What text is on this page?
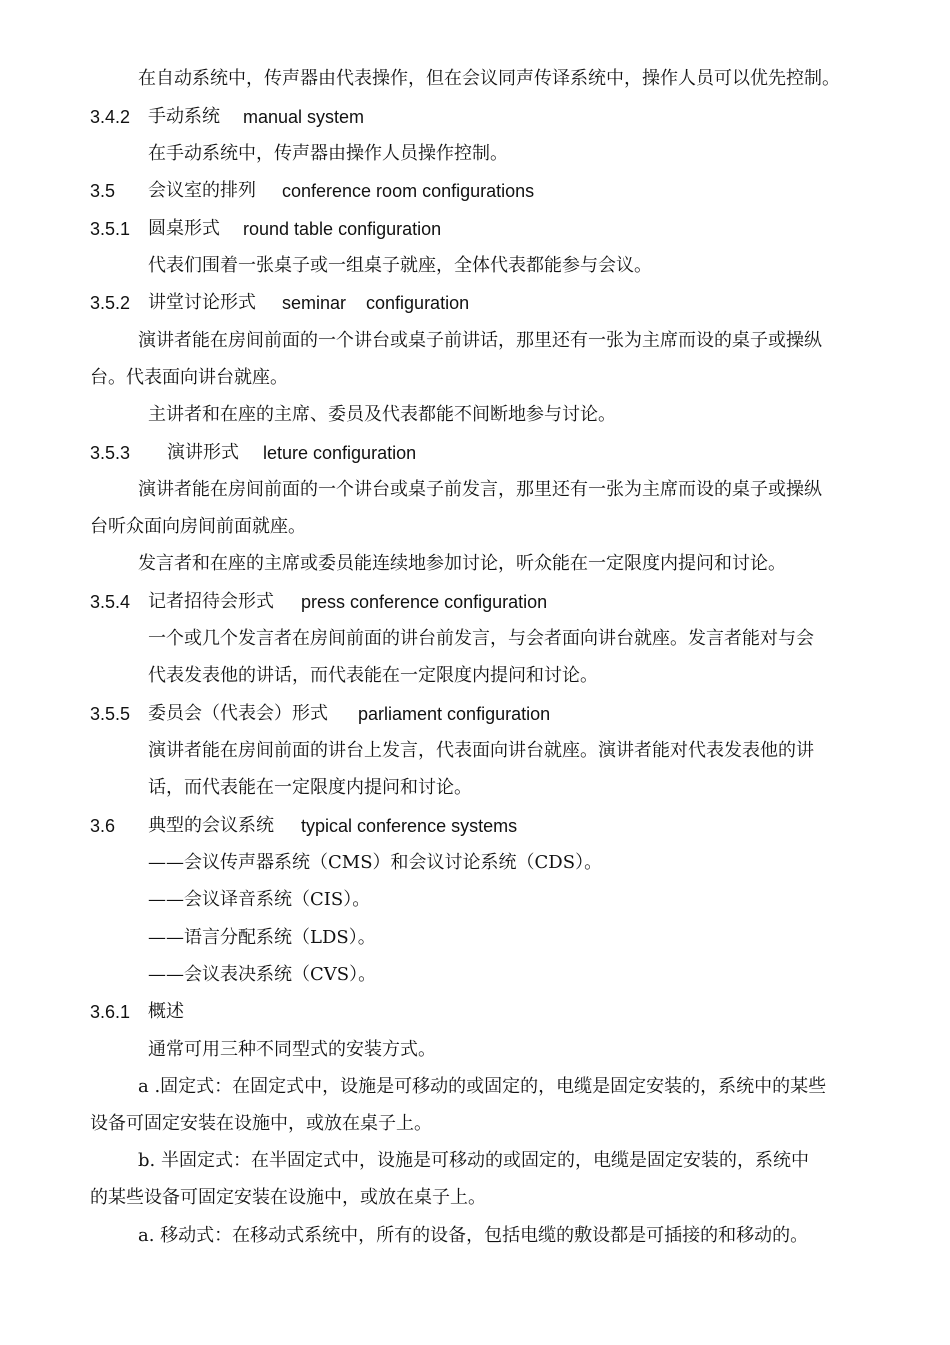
在自动系统中，传声器由代表操作，但在会议同声传译系统中，操作人员可以优先控制。
3.4.2 手动系统 manual system
在手动系统中，传声器由操作人员操作控制。
3.5 会议室的排列 conference room configurations
3.5.1 圆桌形式 round table configuration
代表们围着一张桌子或一组桌子就座，全体代表都能参与会议。
3.5.2 讲堂讨论形式 seminar    configuration
演讲者能在房间前面的一个讲台或桌子前讲话，那里还有一张为主席而设的桌子或操纵
台。代表面向讲台就座。
主讲者和在座的主席、委员及代表都能不间断地参与讨论。
3.5.3 演讲形式 leture configuration
演讲者能在房间前面的一个讲台或桌子前发言，那里还有一张为主席而设的桌子或操纵
台听众面向房间前面就座。
发言者和在座的主席或委员能连续地参加讨论，听众能在一定限度内提问和讨论。
3.5.4 记者招待会形式 press conference configuration
一个或几个发言者在房间前面的讲台前发言，与会者面向讲台就座。发言者能对与会
代表发表他的讲话，而代表能在一定限度内提问和讨论。
3.5.5 委员会（代表会）形式 parliament configuration
演讲者能在房间前面的讲台上发言，代表面向讲台就座。演讲者能对代表发表他的讲
话，而代表能在一定限度内提问和讨论。
3.6 典型的会议系统 typical conference systems
——会议传声器系统（CMS）和会议讨论系统（CDS）。
——会议译音系统（CIS）。
——语言分配系统（LDS）。
——会议表决系统（CVS）。
3.6.1 概述
通常可用三种不同型式的安装方式。
a .固定式：在固定式中，设施是可移动的或固定的，电缆是固定安装的，系统中的某些
设备可固定安装在设施中，或放在桌子上。
b. 半固定式：在半固定式中，设施是可移动的或固定的，电缆是固定安装的，系统中
的某些设备可固定安装在设施中，或放在桌子上。
a. 移动式：在移动式系统中，所有的设备，包括电缆的敷设都是可插接的和移动的。
